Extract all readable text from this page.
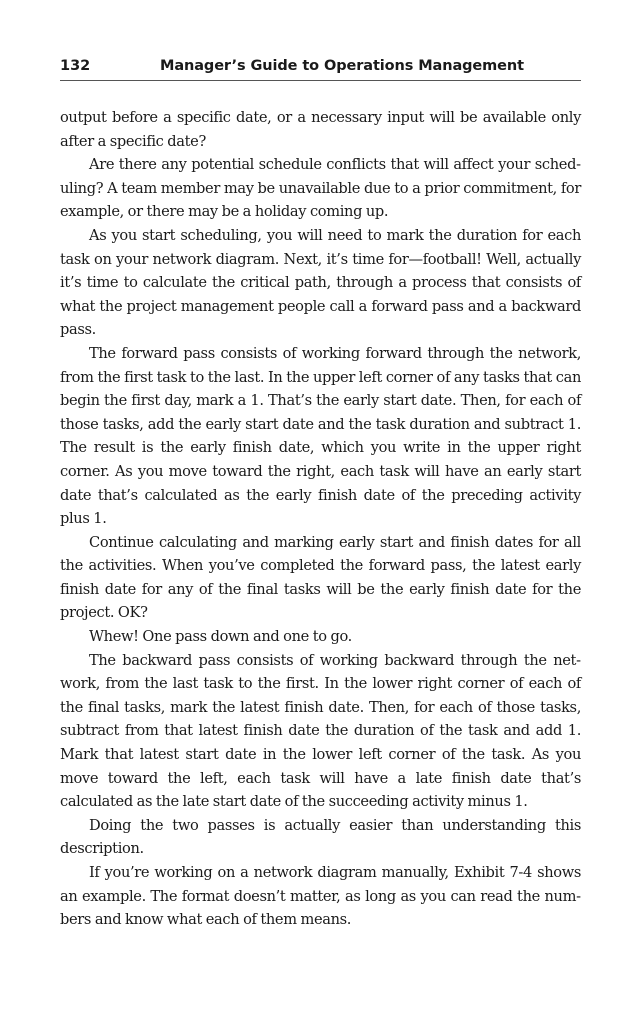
132	Manager’s Guide to Operations Management

output before a specific date, or a necessary input will be available only after a specific date?

Are there any potential schedule conflicts that will affect your scheduling? A team member may be unavailable due to a prior commitment, for example, or there may be a holiday coming up.

As you start scheduling, you will need to mark the duration for each task on your network diagram. Next, it’s time for—football! Well, actually it’s time to calculate the critical path, through a process that consists of what the project management people call a forward pass and a backward pass.

The forward pass consists of working forward through the network, from the first task to the last. In the upper left corner of any tasks that can begin the first day, mark a 1. That’s the early start date. Then, for each of those tasks, add the early start date and the task duration and subtract 1. The result is the early finish date, which you write in the upper right corner. As you move toward the right, each task will have an early start date that’s calculated as the early finish date of the preceding activity plus 1.

Continue calculating and marking early start and finish dates for all the activities. When you’ve completed the forward pass, the latest early finish date for any of the final tasks will be the early finish date for the project. OK?

Whew! One pass down and one to go.

The backward pass consists of working backward through the network, from the last task to the first. In the lower right corner of each of the final tasks, mark the latest finish date. Then, for each of those tasks, subtract from that latest finish date the duration of the task and add 1. Mark that latest start date in the lower left corner of the task. As you move toward the left, each task will have a late finish date that’s calculated as the late start date of the succeeding activity minus 1.

Doing the two passes is actually easier than understanding this description.

If you’re working on a network diagram manually, Exhibit 7-4 shows an example. The format doesn’t matter, as long as you can read the numbers and know what each of them means.
